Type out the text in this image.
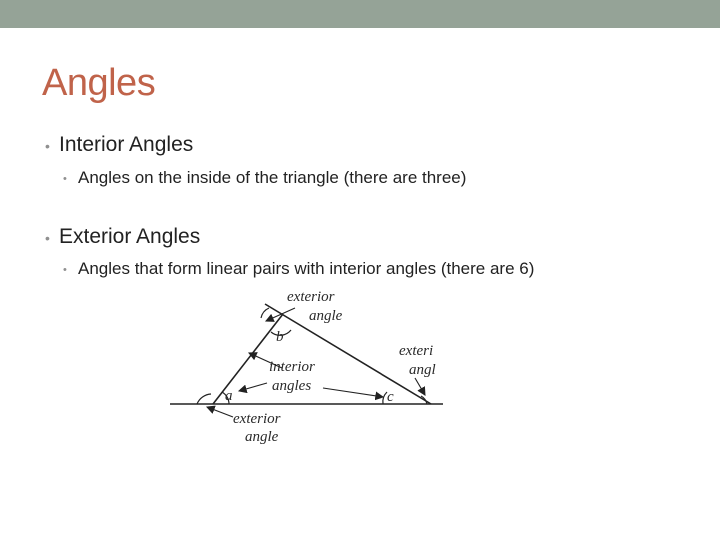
Angles
• Interior Angles
• Angles on the inside of the triangle (there are three)
• Exterior Angles
• Angles that form linear pairs with interior angles (there are 6)
a
b
c
exterior
angle
exteri
angl
interior
angles
exterior
angle
